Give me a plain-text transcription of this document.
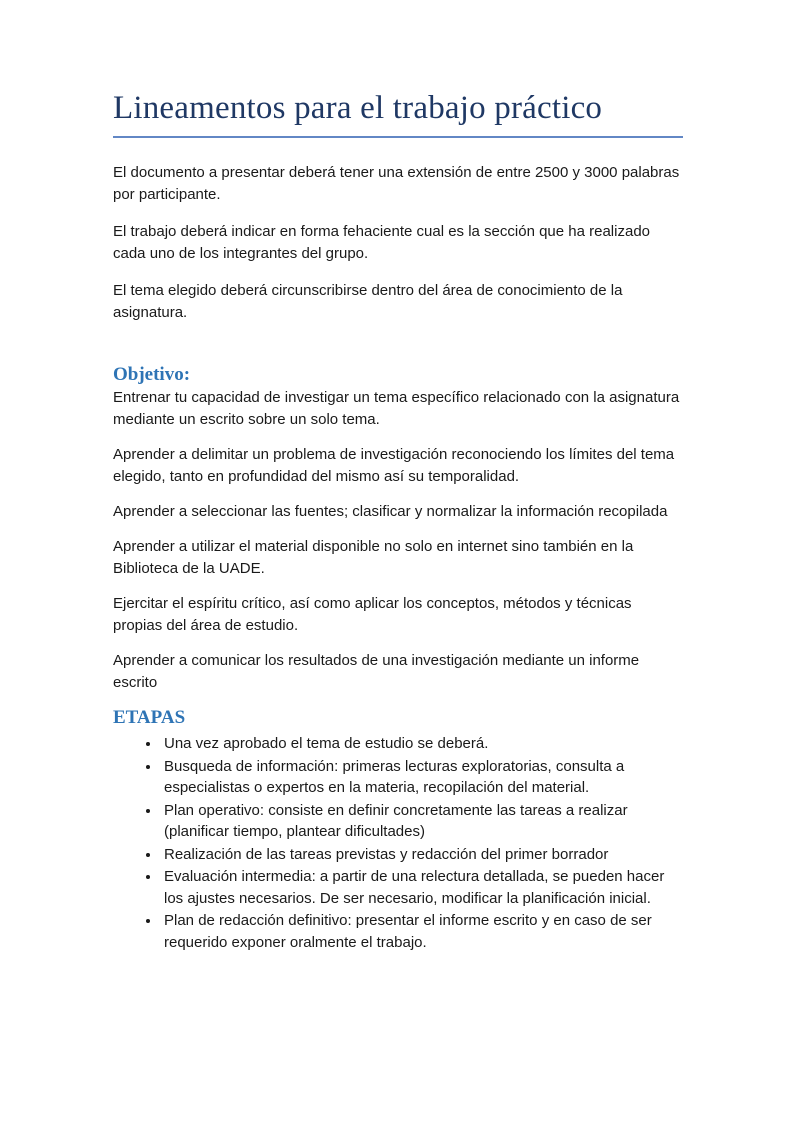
Lineamentos para el trabajo práctico

El documento a presentar deberá tener una extensión de entre 2500 y 3000 palabras por participante.

El trabajo deberá indicar en forma fehaciente cual es la sección que ha realizado cada uno de los integrantes del grupo.

El tema elegido deberá circunscribirse dentro del área de conocimiento de la asignatura.

Objetivo:

Entrenar tu capacidad de investigar un tema específico relacionado con la asignatura mediante un escrito sobre un solo tema.

Aprender a delimitar un problema de investigación reconociendo los límites del tema elegido, tanto en profundidad del mismo así su temporalidad.

Aprender a seleccionar las fuentes; clasificar y normalizar la información recopilada

Aprender a utilizar el material disponible no solo en internet sino también en la Biblioteca de la UADE.

Ejercitar el espíritu crítico, así como aplicar los conceptos, métodos y técnicas propias del área de estudio.

Aprender a comunicar los resultados de una investigación mediante un informe escrito

ETAPAS
• Una vez aprobado el tema de estudio se deberá.
• Busqueda de información: primeras lecturas exploratorias, consulta a especialistas o expertos en la materia, recopilación del material.
• Plan operativo: consiste en definir concretamente las tareas a realizar (planificar tiempo, plantear dificultades)
• Realización de las tareas previstas y redacción del primer borrador
• Evaluación intermedia: a partir de una relectura detallada, se pueden hacer los ajustes necesarios. De ser necesario, modificar la planificación inicial.
• Plan de redacción definitivo: presentar el informe escrito y en caso de ser requerido exponer oralmente el trabajo.
